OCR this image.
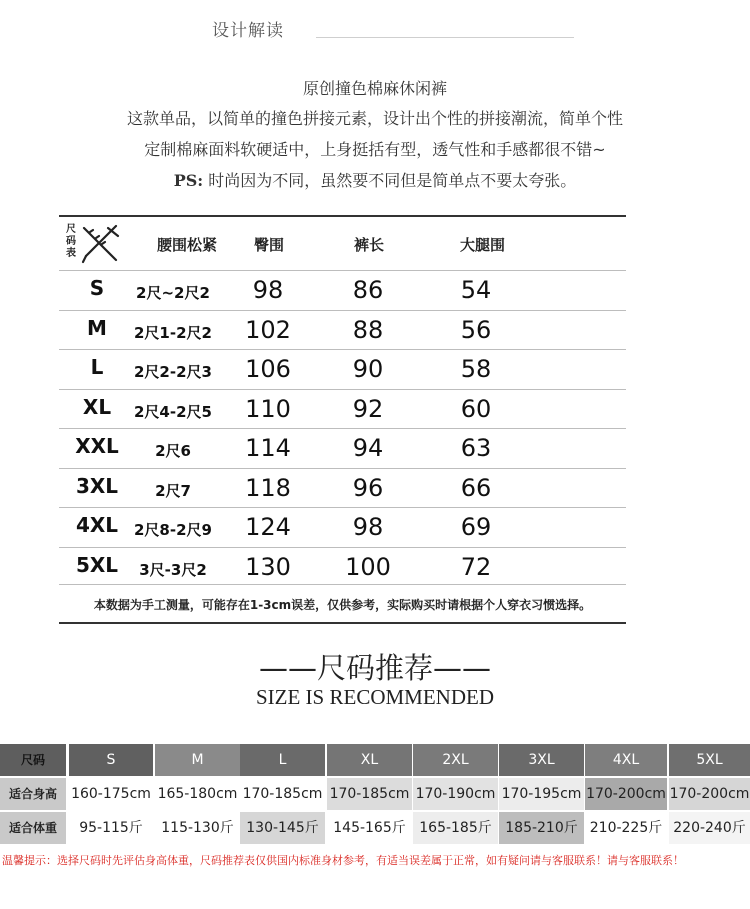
设计解读
原创撞色棉麻休闲裤
这款单品，以简单的撞色拼接元素，设计出个性的拼接潮流，简单个性
定制棉麻面料软硬适中，上身挺括有型，透气性和手感都很不错~
PS: 时尚因为不同，虽然要不同但是简单点不要太夸张。
尺码表	腰围松紧 臀围	裤长	大腿围
S	2尺~2尺2	98	86	54
M	2尺1-2尺2	102	88	56
L	2尺2-2尺3	106	90	58
XL	2尺4-2尺5	110	92	60
XXL	2尺6	114	94	63
3XL	2尺7	118	96	66
4XL	2尺8-2尺9	124	98	69
5XL	3尺-3尺2	130	100	72
本数据为手工测量，可能存在1-3cm误差，仅供参考，实际购买时请根据个人穿衣习惯选择。
——尺码推荐——
SIZE IS RECOMMENDED
尺码	S	M	L	XL	2XL	3XL	4XL	5XL
适合身高	160-175cm 165-180cm 170-185cm 170-185cm 170-190cm 170-195cm 170-200cm 170-200cm
适合体重	95-115斤	115-130斤 130-145斤	145-165斤 165-185斤 185-210斤 210-225斤 220-240斤
温馨提示：选择尺码时先评估身高体重，尺码推荐表仅供国内标准身材参考，有适当误差属于正常，如有疑问请与客服联系！请与客服联系！
